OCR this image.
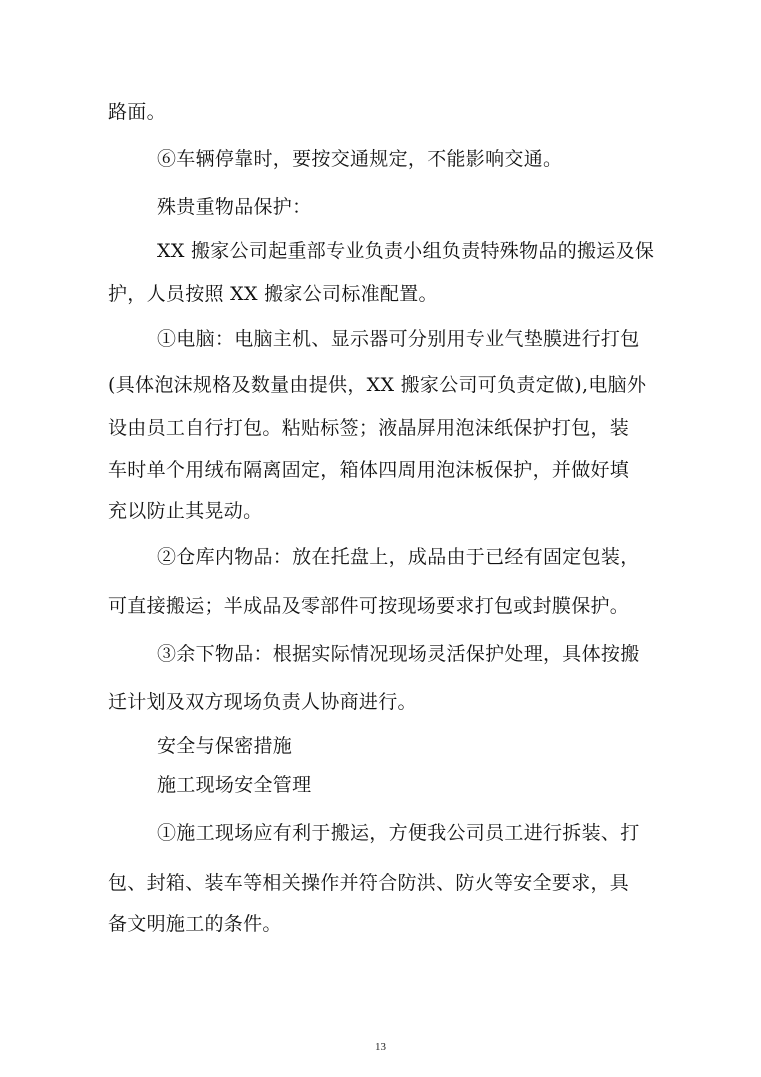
路面。
⑥车辆停靠时，要按交通规定，不能影响交通。
殊贵重物品保护：
XX 搬家公司起重部专业负责小组负责特殊物品的搬运及保
护，人员按照 XX 搬家公司标准配置。
①电脑：电脑主机、显示器可分别用专业气垫膜进行打包
(具体泡沫规格及数量由提供，XX 搬家公司可负责定做),电脑外
设由员工自行打包。粘贴标签；液晶屏用泡沫纸保护打包，装
车时单个用绒布隔离固定，箱体四周用泡沫板保护，并做好填
充以防止其晃动。
②仓库内物品：放在托盘上，成品由于已经有固定包装，
可直接搬运；半成品及零部件可按现场要求打包或封膜保护。
③余下物品：根据实际情况现场灵活保护处理，具体按搬
迁计划及双方现场负责人协商进行。
安全与保密措施
施工现场安全管理
①施工现场应有利于搬运，方便我公司员工进行拆装、打
包、封箱、装车等相关操作并符合防洪、防火等安全要求，具
备文明施工的条件。
13
